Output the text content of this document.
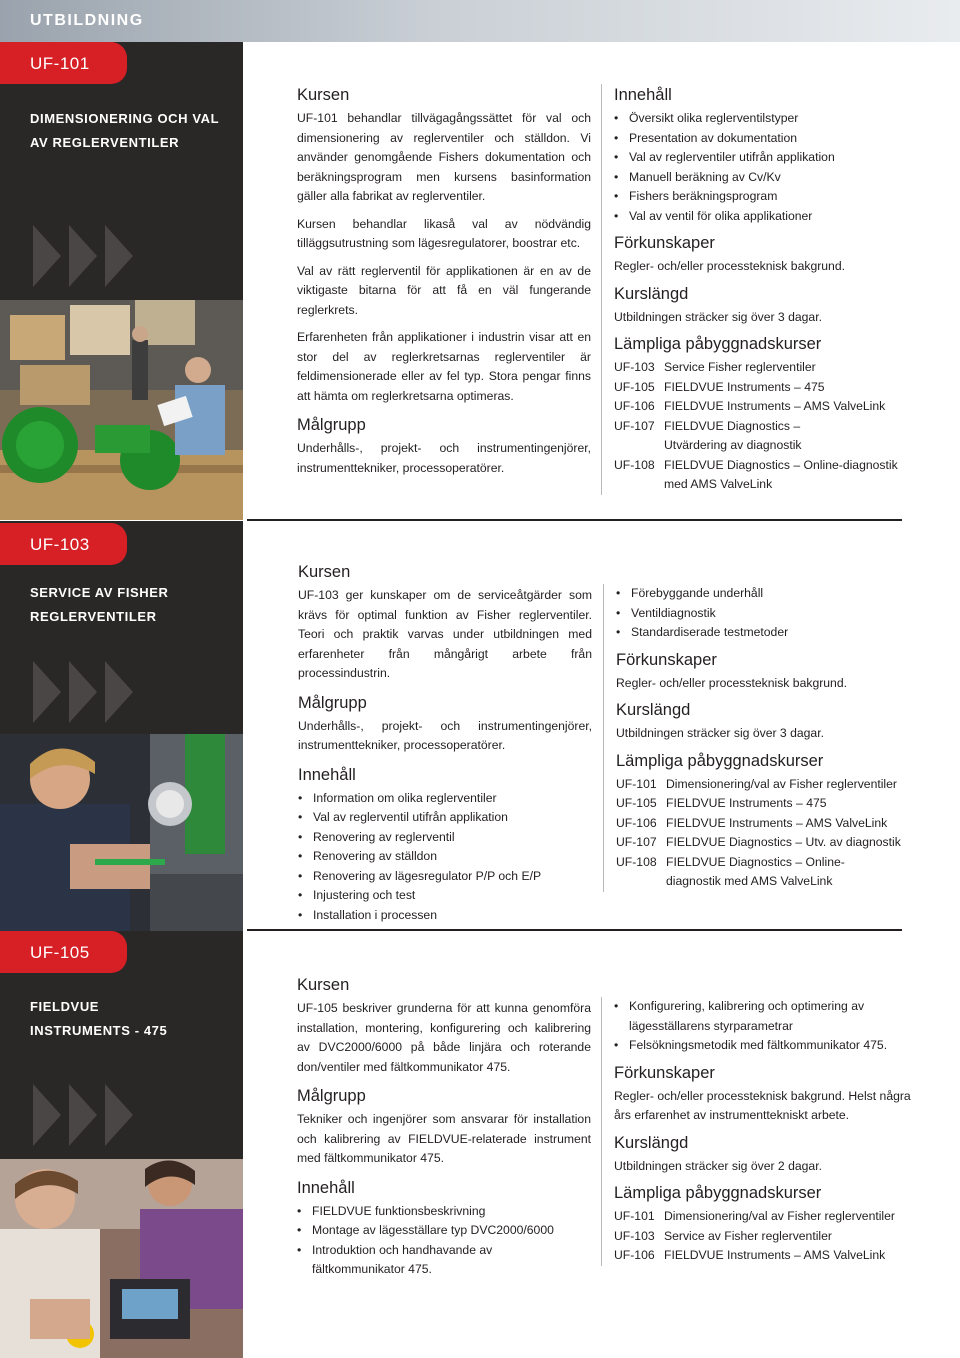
UTBILDNING
UF-101
DIMENSIONERING OCH VAL
AV REGLERVENTILER
Kursen

UF-101 behandlar tillvägagångssättet för val och dimensionering av reglerventiler och ställdon. Vi använder genomgående Fishers dokumentation och beräkningsprogram men kursens basinformation gäller alla fabrikat av reglerventiler.

Kursen behandlar likaså val av nödvändig tilläggsutrustning som lägesregulatorer, boostrar etc.

Val av rätt reglerventil för applikationen är en av de viktigaste bitarna för att få en väl fungerande reglerkrets.

Erfarenheten från applikationer i industrin visar att en stor del av reglerkretsarnas reglerventiler är feldimensionerade eller av fel typ. Stora pengar finns att hämta om reglerkretsarna optimeras.

Målgrupp

Underhålls-, projekt- och instrumentingenjörer, instrumenttekniker, processoperatörer.

Innehåll
• Översikt olika reglerventilstyper
• Presentation av dokumentation
• Val av reglerventiler utifrån applikation
• Manuell beräkning av Cv/Kv
• Fishers beräkningsprogram
• Val av ventil för olika applikationer
Förkunskaper

Regler- och/eller processteknisk bakgrund.

Kurslängd

Utbildningen sträcker sig över 3 dagar.

Lämpliga påbyggnadskurser
UF-103 Service Fisher reglerventiler
UF-105 FIELDVUE Instruments – 475
UF-106 FIELDVUE Instruments – AMS ValveLink
UF-107 FIELDVUE Diagnostics – Utvärdering av diagnostik
UF-108 FIELDVUE Diagnostics – Online-diagnostik med AMS ValveLink
UF-103
SERVICE AV FISHER
REGLERVENTILER
Kursen

UF-103 ger kunskaper om de serviceåtgärder som krävs för optimal funktion av Fisher reglerventiler. Teori och praktik varvas under utbildningen med erfarenheter från mångårigt arbete från processindustrin.

Målgrupp

Underhålls-, projekt- och instrumentingenjörer, instrumenttekniker, processoperatörer.

Innehåll
• Information om olika reglerventiler
• Val av reglerventil utifrån applikation
• Renovering av reglerventil
• Renovering av ställdon
• Renovering av lägesregulator P/P och E/P
• Injustering och test
• Installation i processen
• Förebyggande underhåll
• Ventildiagnostik
• Standardiserade testmetoder
Förkunskaper

Regler- och/eller processteknisk bakgrund.

Kurslängd

Utbildningen sträcker sig över 3 dagar.

Lämpliga påbyggnadskurser
UF-101 Dimensionering/val av Fisher reglerventiler
UF-105 FIELDVUE Instruments – 475
UF-106 FIELDVUE Instruments – AMS ValveLink
UF-107 FIELDVUE Diagnostics – Utv. av diagnostik
UF-108 FIELDVUE Diagnostics – Online-diagnostik med AMS ValveLink
UF-105
FIELDVUE
INSTRUMENTS - 475
Kursen

UF-105 beskriver grunderna för att kunna genomföra installation, montering, konfigurering och kalibrering av DVC2000/6000 på både linjära och roterande don/ventiler med fältkommunikator 475.

Målgrupp

Tekniker och ingenjörer som ansvarar för installation och kalibrering av FIELDVUE-relaterade instrument med fältkommunikator 475.

Innehåll
• FIELDVUE funktionsbeskrivning
• Montage av lägesställare typ DVC2000/6000
• Introduktion och handhavande av fältkommunikator 475.
• Konfigurering, kalibrering och optimering av lägesställarens styrparametrar
• Felsökningsmetodik med fältkommunikator 475.
Förkunskaper

Regler- och/eller processteknisk bakgrund. Helst några års erfarenhet av instrumenttekniskt arbete.

Kurslängd

Utbildningen sträcker sig över 2 dagar.

Lämpliga påbyggnadskurser
UF-101 Dimensionering/val av Fisher reglerventiler
UF-103 Service av Fisher reglerventiler
UF-106 FIELDVUE Instruments – AMS ValveLink
